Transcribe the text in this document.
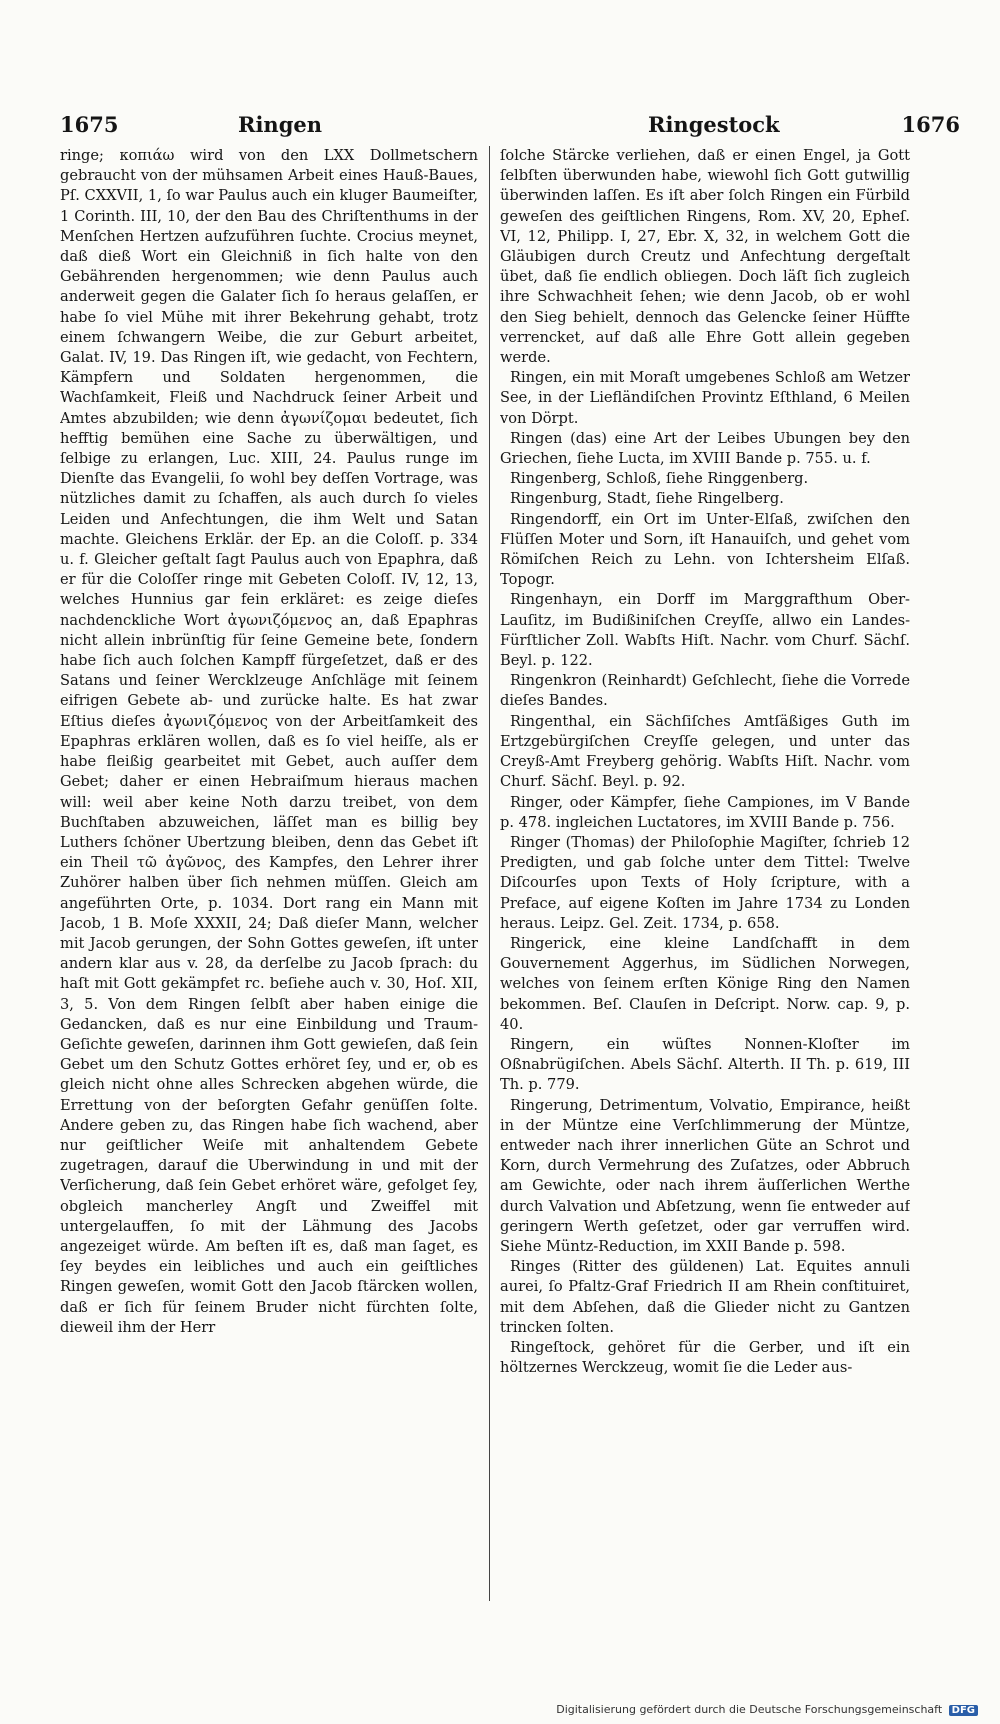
1675	Ringen	Ringestock	1676

ringe; κοπιάω wird von den LXX Dollmetschern gebraucht von der mühsamen Arbeit eines Hauß-Baues, Pſ. CXXVII, 1, ſo war Paulus auch ein kluger Baumeiſter, 1 Corinth. III, 10, der den Bau des Chriſtenthums in der Menſchen Hertzen aufzuführen ſuchte. Crocius meynet, daß dieß Wort ein Gleichniß in ſich halte von den Gebährenden hergenommen; wie denn Paulus auch anderweit gegen die Galater ſich ſo heraus gelaſſen, er habe ſo viel Mühe mit ihrer Bekehrung gehabt, trotz einem ſchwangern Weibe, die zur Geburt arbeitet, Galat. IV, 19. Das Ringen iſt, wie gedacht, von Fechtern, Kämpfern und Soldaten hergenommen, die Wachſamkeit, Fleiß und Nachdruck ſeiner Arbeit und Amtes abzubilden; wie denn ἀγωνίζομαι bedeutet, ſich hefftig bemühen eine Sache zu überwältigen, und ſelbige zu erlangen, Luc. XIII, 24. Paulus runge im Dienſte das Evangelii, ſo wohl bey deſſen Vortrage, was nützliches damit zu ſchaffen, als auch durch ſo vieles Leiden und Anfechtungen, die ihm Welt und Satan machte. Gleichens Erklär. der Ep. an die Coloſſ. p. 334 u. f. Gleicher geſtalt ſagt Paulus auch von Epaphra, daß er für die Coloſſer ringe mit Gebeten Coloſſ. IV, 12, 13, welches Hunnius gar fein erkläret: es zeige dieſes nachdenckliche Wort ἀγωνιζόμενος an, daß Epaphras nicht allein inbrünſtig für ſeine Gemeine bete, ſondern habe ſich auch ſolchen Kampff fürgeſetzet, daß er des Satans und ſeiner Wercklzeuge Anſchläge mit ſeinem eifrigen Gebete ab- und zurücke halte. Es hat zwar Eſtius dieſes ἀγωνιζόμενος von der Arbeitſamkeit des Epaphras erklären wollen, daß es ſo viel heiſſe, als er habe fleißig gearbeitet mit Gebet, auch auſſer dem Gebet; daher er einen Hebraiſmum hieraus machen will: weil aber keine Noth darzu treibet, von dem Buchſtaben abzuweichen, läſſet man es billig bey Luthers ſchöner Ubertzung bleiben, denn das Gebet iſt ein Theil τῶ ἀγῶνος, des Kampfes, den Lehrer ihrer Zuhörer halben über ſich nehmen müſſen. Gleich am angeführten Orte, p. 1034. Dort rang ein Mann mit Jacob, 1 B. Moſe XXXII, 24; Daß dieſer Mann, welcher mit Jacob gerungen, der Sohn Gottes geweſen, iſt unter andern klar aus v. 28, da derſelbe zu Jacob ſprach: du haſt mit Gott gekämpfet rc. beſiehe auch v. 30, Hoſ. XII, 3, 5. Von dem Ringen ſelbſt aber haben einige die Gedancken, daß es nur eine Einbildung und Traum-Geſichte geweſen, darinnen ihm Gott gewieſen, daß ſein Gebet um den Schutz Gottes erhöret ſey, und er, ob es gleich nicht ohne alles Schrecken abgehen würde, die Errettung von der beſorgten Gefahr genüſſen ſolte. Andere geben zu, das Ringen habe ſich wachend, aber nur geiſtlicher Weiſe mit anhaltendem Gebete zugetragen, darauf die Uberwindung in und mit der Verſicherung, daß ſein Gebet erhöret wäre, gefolget ſey, obgleich mancherley Angſt und Zweiffel mit untergelauffen, ſo mit der Lähmung des Jacobs angezeiget würde. Am beſten iſt es, daß man ſaget, es ſey beydes ein leibliches und auch ein geiſtliches Ringen geweſen, womit Gott den Jacob ſtärcken wollen, daß er ſich für ſeinem Bruder nicht fürchten ſolte, dieweil ihm der Herr

ſolche Stärcke verliehen, daß er einen Engel, ja Gott ſelbſten überwunden habe, wiewohl ſich Gott gutwillig überwinden laſſen. Es iſt aber ſolch Ringen ein Fürbild geweſen des geiſtlichen Ringens, Rom. XV, 20, Epheſ. VI, 12, Philipp. I, 27, Ebr. X, 32, in welchem Gott die Gläubigen durch Creutz und Anfechtung dergeſtalt übet, daß ſie endlich obliegen. Doch läſt ſich zugleich ihre Schwachheit ſehen; wie denn Jacob, ob er wohl den Sieg behielt, dennoch das Gelencke ſeiner Hüffte verrencket, auf daß alle Ehre Gott allein gegeben werde.

Ringen, ein mit Moraſt umgebenes Schloß am Wetzer See, in der Liefländiſchen Provintz Eſthland, 6 Meilen von Dörpt.

Ringen (das) eine Art der Leibes Ubungen bey den Griechen, ſiehe Lucta, im XVIII Bande p. 755. u. f.

Ringenberg, Schloß, ſiehe Ringgenberg.

Ringenburg, Stadt, ſiehe Ringelberg.

Ringendorff, ein Ort im Unter-Elſaß, zwiſchen den Flüſſen Moter und Sorn, iſt Hanauiſch, und gehet vom Römiſchen Reich zu Lehn. von Ichtersheim Elſaß. Topogr.

Ringenhayn, ein Dorff im Marggrafthum Ober-Lauſitz, im Budißiniſchen Creyſſe, allwo ein Landes-Fürſtlicher Zoll. Wabſts Hiſt. Nachr. vom Churf. Sächſ. Beyl. p. 122.

Ringenkron (Reinhardt) Geſchlecht, ſiehe die Vorrede dieſes Bandes.

Ringenthal, ein Sächſiſches Amtſäßiges Guth im Ertzgebürgiſchen Creyſſe gelegen, und unter das Creyß-Amt Freyberg gehörig. Wabſts Hiſt. Nachr. vom Churf. Sächſ. Beyl. p. 92.

Ringer, oder Kämpfer, ſiehe Campiones, im V Bande p. 478. ingleichen Luctatores, im XVIII Bande p. 756.

Ringer (Thomas) der Philoſophie Magiſter, ſchrieb 12 Predigten, und gab ſolche unter dem Tittel: Twelve Diſcourſes upon Texts of Holy ſcripture, with a Preface, auf eigene Koſten im Jahre 1734 zu Londen heraus. Leipz. Gel. Zeit. 1734, p. 658.

Ringerick, eine kleine Landſchafft in dem Gouvernement Aggerhus, im Südlichen Norwegen, welches von ſeinem erſten Könige Ring den Namen bekommen. Beſ. Clauſen in Deſcript. Norw. cap. 9, p. 40.

Ringern, ein wüſtes Nonnen-Kloſter im Oßnabrügiſchen. Abels Sächſ. Alterth. II Th. p. 619, III Th. p. 779.

Ringerung, Detrimentum, Volvatio, Empirance, heißt in der Müntze eine Verſchlimmerung der Müntze, entweder nach ihrer innerlichen Güte an Schrot und Korn, durch Vermehrung des Zuſatzes, oder Abbruch am Gewichte, oder nach ihrem äuſſerlichen Werthe durch Valvation und Abſetzung, wenn ſie entweder auf geringern Werth geſetzet, oder gar verruffen wird. Siehe Müntz-Reduction, im XXII Bande p. 598.

Ringes (Ritter des güldenen) Lat. Equites annuli aurei, ſo Pfaltz-Graf Friedrich II am Rhein conſtituiret, mit dem Abſehen, daß die Glieder nicht zu Gantzen trincken ſolten.

Ringeſtock, gehöret für die Gerber, und iſt ein höltzernes Werckzeug, womit ſie die Leder aus-

Digitalisierung gefördert durch die Deutsche Forschungsgemeinschaft DFG
